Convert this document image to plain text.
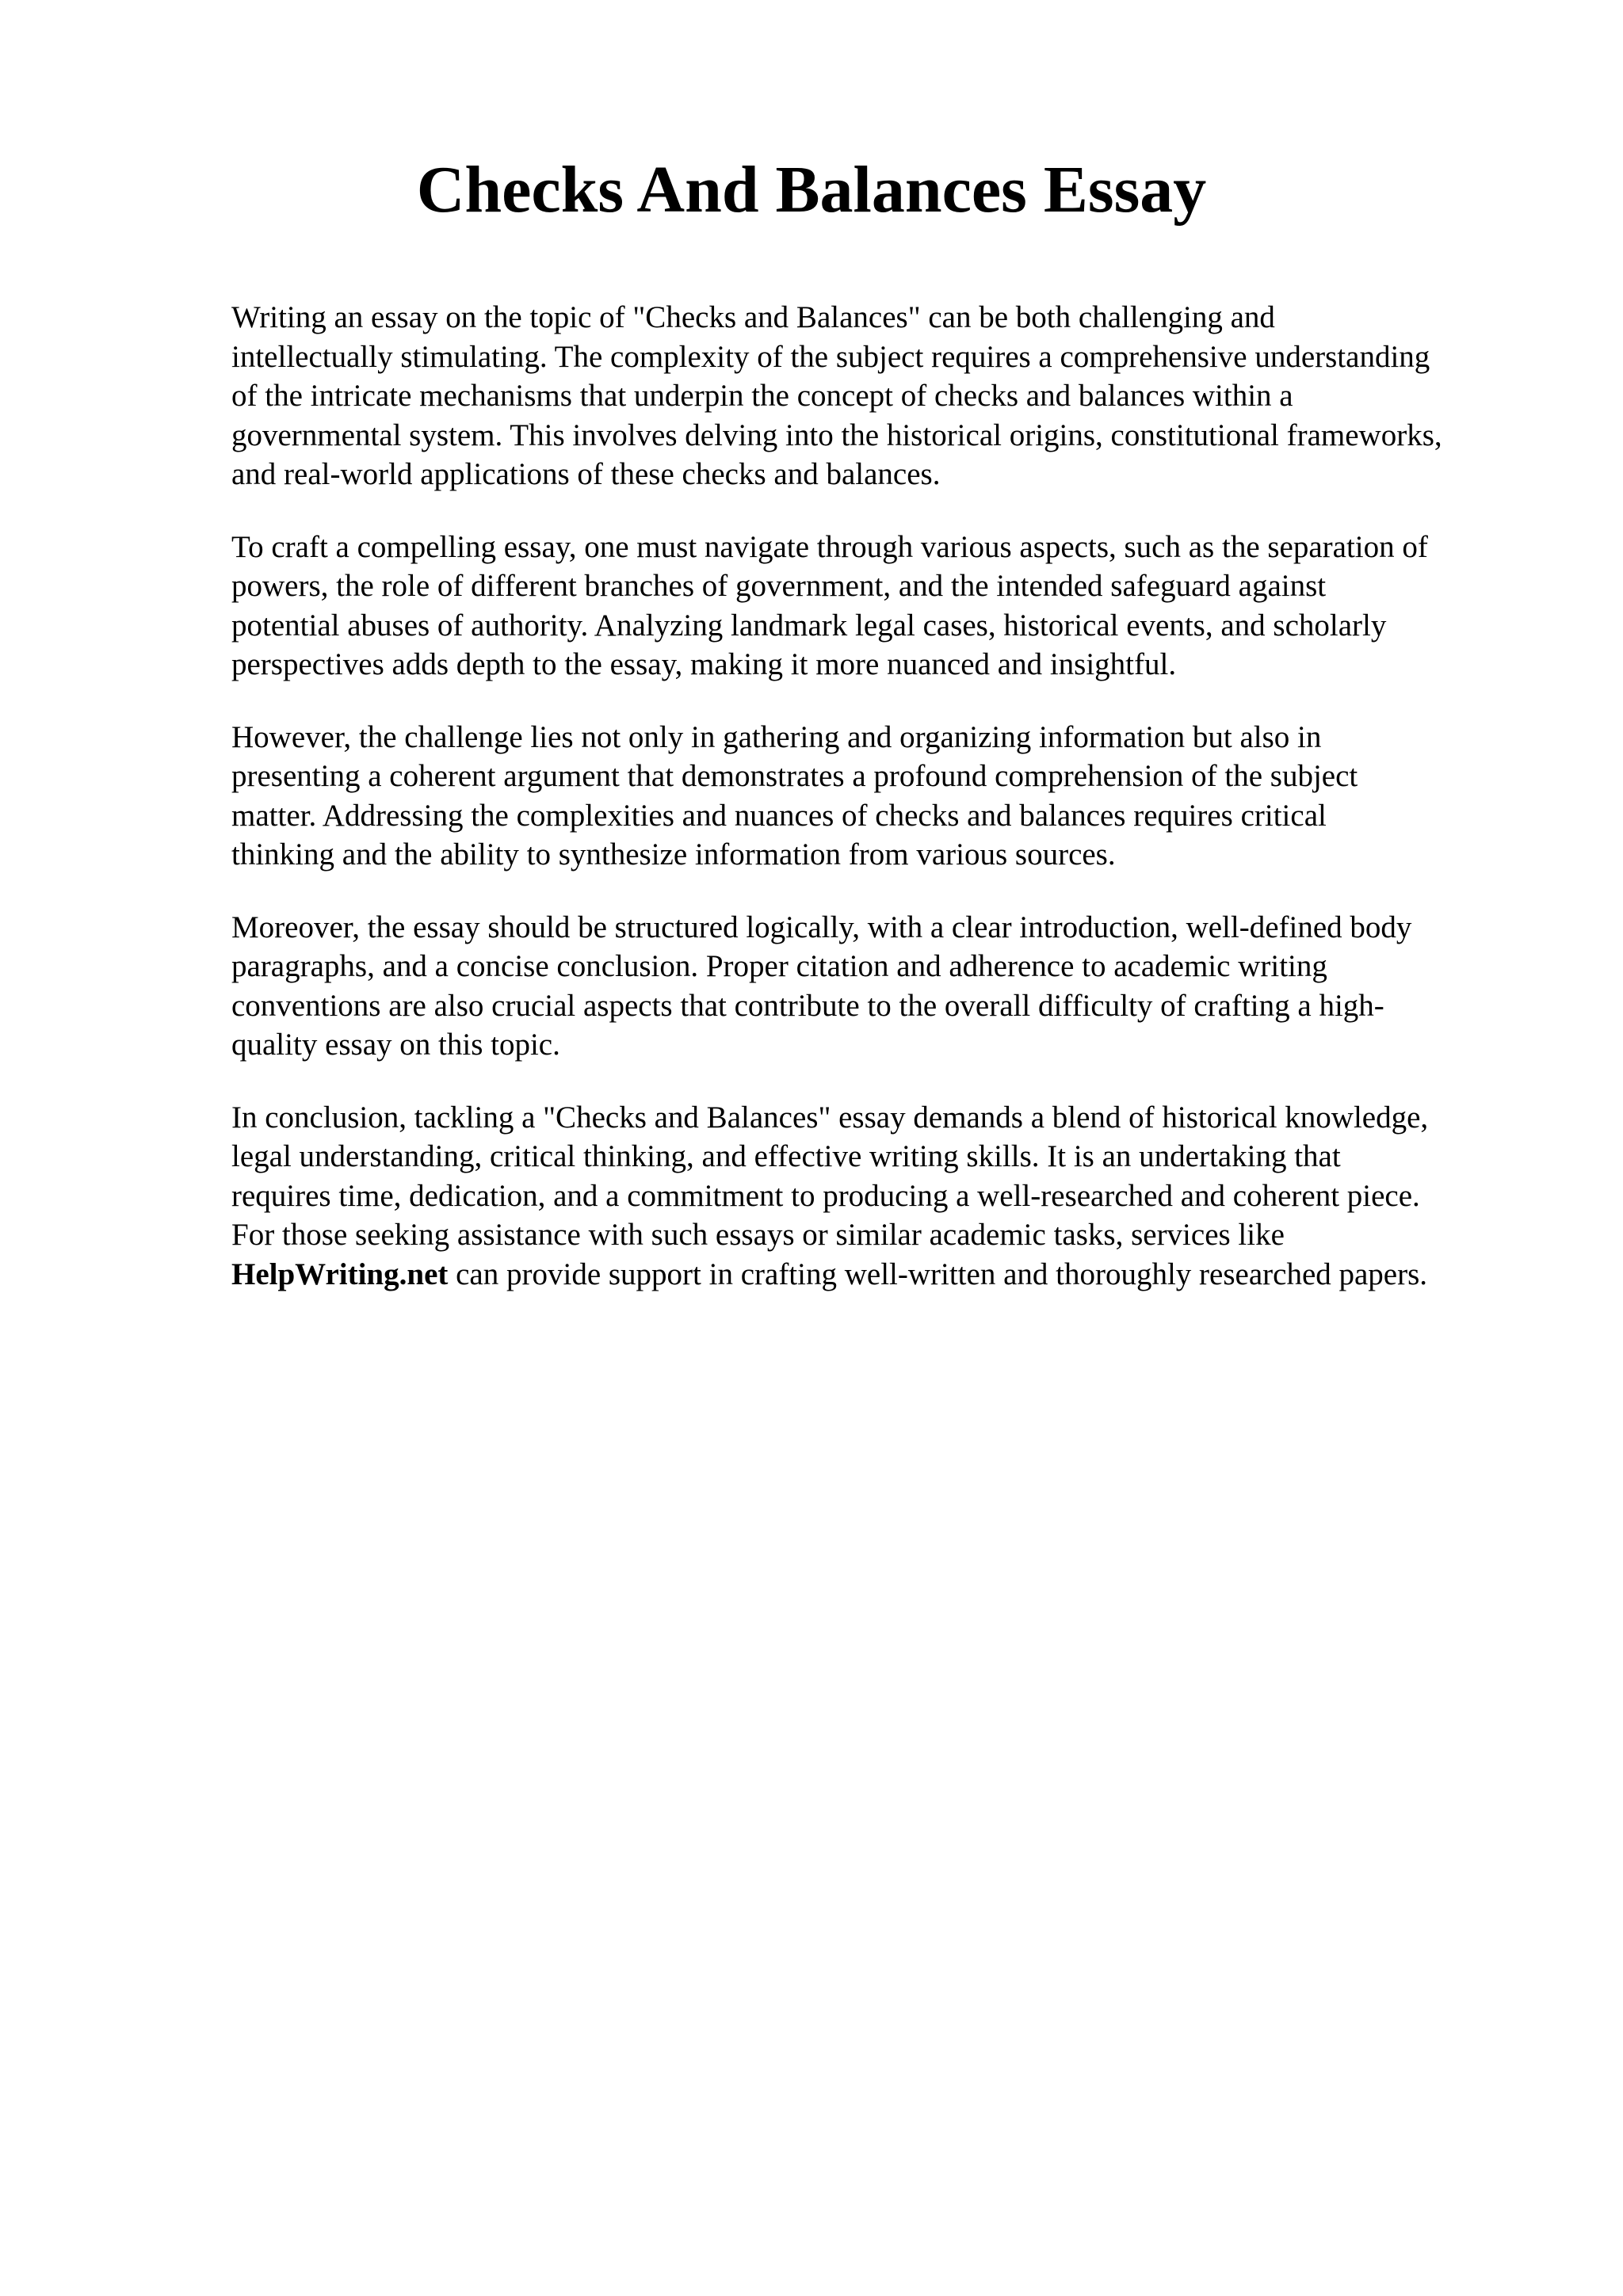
Checks And Balances Essay

Writing an essay on the topic of "Checks and Balances" can be both challenging and
intellectually stimulating. The complexity of the subject requires a comprehensive understanding
of the intricate mechanisms that underpin the concept of checks and balances within a
governmental system. This involves delving into the historical origins, constitutional frameworks,
and real-world applications of these checks and balances.

To craft a compelling essay, one must navigate through various aspects, such as the separation of
powers, the role of different branches of government, and the intended safeguard against
potential abuses of authority. Analyzing landmark legal cases, historical events, and scholarly
perspectives adds depth to the essay, making it more nuanced and insightful.

However, the challenge lies not only in gathering and organizing information but also in
presenting a coherent argument that demonstrates a profound comprehension of the subject
matter. Addressing the complexities and nuances of checks and balances requires critical
thinking and the ability to synthesize information from various sources.

Moreover, the essay should be structured logically, with a clear introduction, well-defined body
paragraphs, and a concise conclusion. Proper citation and adherence to academic writing
conventions are also crucial aspects that contribute to the overall difficulty of crafting a high-
quality essay on this topic.

In conclusion, tackling a "Checks and Balances" essay demands a blend of historical knowledge,
legal understanding, critical thinking, and effective writing skills. It is an undertaking that
requires time, dedication, and a commitment to producing a well-researched and coherent piece.
For those seeking assistance with such essays or similar academic tasks, services like
HelpWriting.net can provide support in crafting well-written and thoroughly researched papers.
